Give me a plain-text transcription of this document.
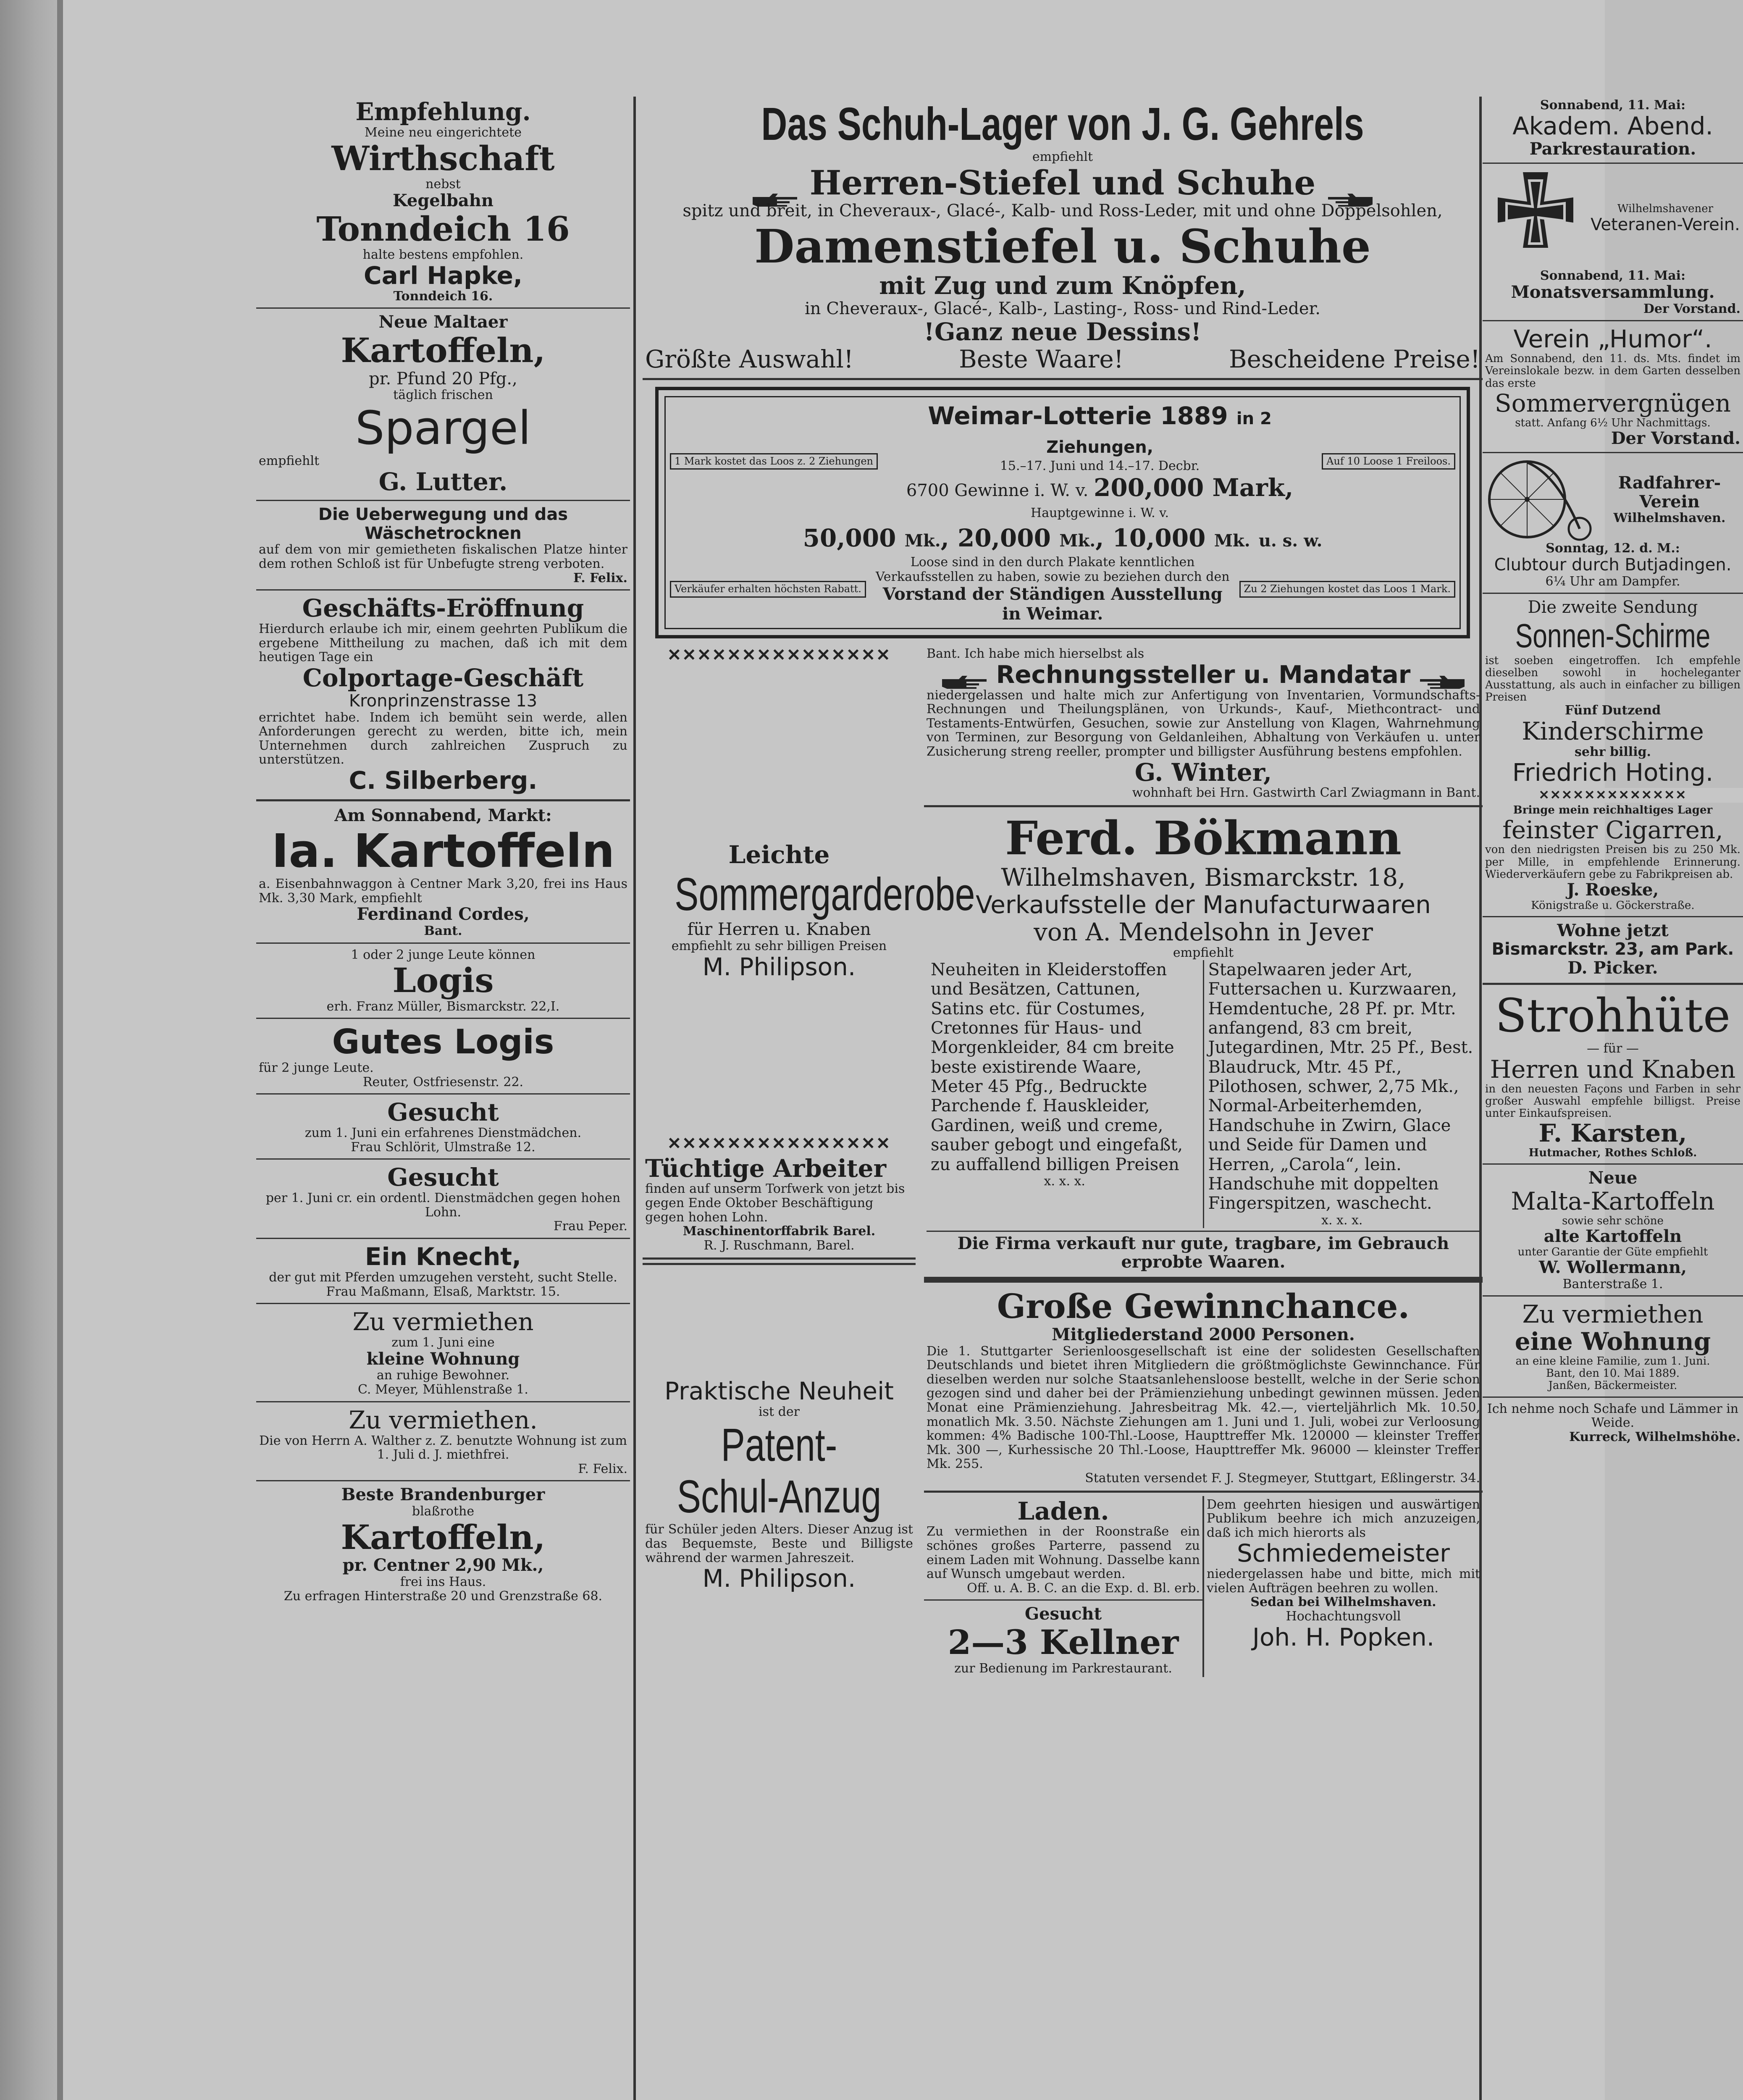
Empfehlung.

Meine neu eingerichtete

Wirthschaft

nebst

Kegelbahn

Tonndeich 16

halte bestens empfohlen.

Carl Hapke,

Tonndeich 16.

Neue Maltaer

Kartoffeln,

pr. Pfund 20 Pfg.,

täglich frischen

Spargel

empfiehlt

G. Lutter.

Die Ueberwegung und das Wäschetrocknen

auf dem von mir gemietheten fiskalischen Platze hinter dem rothen Schloß ist für Unbefugte streng verboten.

F. Felix.

Geschäfts-Eröffnung

Hierdurch erlaube ich mir, einem geehrten Publikum die ergebene Mittheilung zu machen, daß ich mit dem heutigen Tage ein

Colportage-Geschäft

Kronprinzenstrasse 13

errichtet habe. Indem ich bemüht sein werde, allen Anforderungen gerecht zu werden, bitte ich, mein Unternehmen durch zahlreichen Zuspruch zu unterstützen.

C. Silberberg.

Am Sonnabend, Markt:

Ia. Kartoffeln

a. Eisenbahnwaggon à Centner Mark 3,20, frei ins Haus Mk. 3,30 Mark, empfiehlt

Ferdinand Cordes,

Bant.

1 oder 2 junge Leute können

Logis

erh. Franz Müller, Bismarckstr. 22,I.

Gutes Logis

für 2 junge Leute.

Reuter, Ostfriesenstr. 22.

Gesucht

zum 1. Juni ein erfahrenes Dienstmädchen.

Frau Schlörit, Ulmstraße 12.

Gesucht

per 1. Juni cr. ein ordentl. Dienstmädchen gegen hohen Lohn.

Frau Peper.

Ein Knecht,

der gut mit Pferden umzugehen versteht, sucht Stelle.

Frau Maßmann, Elsaß, Marktstr. 15.

Zu vermiethen

zum 1. Juni eine

kleine Wohnung

an ruhige Bewohner.

C. Meyer, Mühlenstraße 1.

Zu vermiethen.

Die von Herrn A. Walther z. Z. benutzte Wohnung ist zum 1. Juli d. J. miethfrei.

F. Felix.

Beste Brandenburger

blaßrothe

Kartoffeln,

pr. Centner 2,90 Mk.,

frei ins Haus.

Zu erfragen Hinterstraße 20 und Grenzstraße 68.

Das Schuh-Lager von J. G. Gehrels

empfiehlt

Herren-Stiefel und Schuhe

spitz und breit, in Cheveraux-, Glacé-, Kalb- und Ross-Leder, mit und ohne Doppelsohlen,

Damenstiefel u. Schuhe

mit Zug und zum Knöpfen,

in Cheveraux-, Glacé-, Kalb-, Lasting-, Ross- und Rind-Leder.

!Ganz neue Dessins!

Größte Auswahl!	Beste Waare!	Bescheidene Preise!

1 Mark kostet das Loos z. 2 Ziehungen

Weimar-Lotterie 1889 in 2 Ziehungen,

15.–17. Juni und 14.–17. Decbr.

6700 Gewinne i. W. v. 200,000 Mark, Hauptgewinne i. W. v.

Auf 10 Loose 1 Freiloos.

50,000 Mk., 20,000 Mk., 10,000 Mk. u. s. w.

Verkäufer erhalten höchsten Rabatt.

Loose sind in den durch Plakate kenntlichen Verkaufsstellen zu haben, sowie zu beziehen durch den

Vorstand der Ständigen Ausstellung in Weimar.

Zu 2 Ziehungen kostet das Loos 1 Mark.
✕✕✕✕✕✕✕✕✕✕✕✕✕✕✕

Leichte

Sommergarderobe

für Herren u. Knaben

empfiehlt zu sehr billigen Preisen

M. Philipson.

✕✕✕✕✕✕✕✕✕✕✕✕✕✕✕

Tüchtige Arbeiter

finden auf unserm Torfwerk von jetzt bis gegen Ende Oktober Beschäftigung gegen hohen Lohn.

Maschinentorffabrik Barel.

R. J. Ruschmann, Barel.

Praktische Neuheit

ist der

Patent-Schul-Anzug

für Schüler jeden Alters. Dieser Anzug ist das Bequemste, Beste und Billigste während der warmen Jahreszeit.

M. Philipson.

Bant. Ich habe mich hierselbst als

Rechnungssteller u. Mandatar

niedergelassen und halte mich zur Anfertigung von Inventarien, Vormundschafts-Rechnungen und Theilungsplänen, von Urkunds-, Kauf-, Miethcontract- und Testaments-Entwürfen, Gesuchen, sowie zur Anstellung von Klagen, Wahrnehmung von Terminen, zur Besorgung von Geldanleihen, Abhaltung von Verkäufen u. unter Zusicherung streng reeller, prompter und billigster Ausführung bestens empfohlen.

G. Winter,

wohnhaft bei Hrn. Gastwirth Carl Zwiagmann in Bant.

Ferd. Bökmann

Wilhelmshaven, Bismarckstr. 18,

Verkaufsstelle der Manufacturwaaren

von A. Mendelsohn in Jever

empfiehlt

Neuheiten in Kleiderstoffen und Besätzen, Cattunen, Satins etc. für Costumes, Cretonnes für Haus- und Morgenkleider, 84 cm breite beste existirende Waare, Meter 45 Pfg., Bedruckte Parchende f. Hauskleider, Gardinen, weiß und creme, sauber gebogt und eingefaßt, zu auffallend billigen Preisen

x. x. x.

Stapelwaaren jeder Art, Futtersachen u. Kurzwaaren, Hemdentuche, 28 Pf. pr. Mtr. anfangend, 83 cm breit, Jutegardinen, Mtr. 25 Pf., Best. Blaudruck, Mtr. 45 Pf., Pilothosen, schwer, 2,75 Mk., Normal-Arbeiterhemden, Handschuhe in Zwirn, Glace und Seide für Damen und Herren, „Carola“, lein. Handschuhe mit doppelten Fingerspitzen, waschecht.

x. x. x.

Die Firma verkauft nur gute, tragbare, im Gebrauch erprobte Waaren.

Große Gewinnchance.

Mitgliederstand 2000 Personen.

Die 1. Stuttgarter Serienloosgesellschaft ist eine der solidesten Gesellschaften Deutschlands und bietet ihren Mitgliedern die größtmöglichste Gewinnchance. Für dieselben werden nur solche Staatsanlehensloose bestellt, welche in der Serie schon gezogen sind und daher bei der Prämienziehung unbedingt gewinnen müssen. Jeden Monat eine Prämienziehung. Jahresbeitrag Mk. 42.—, vierteljährlich Mk. 10.50, monatlich Mk. 3.50. Nächste Ziehungen am 1. Juni und 1. Juli, wobei zur Verloosung kommen: 4% Badische 100-Thl.-Loose, Haupttreffer Mk. 120000 — kleinster Treffer Mk. 300 —, Kurhessische 20 Thl.-Loose, Haupttreffer Mk. 96000 — kleinster Treffer Mk. 255.

Statuten versendet F. J. Stegmeyer, Stuttgart, Eßlingerstr. 34.

Laden.

Zu vermiethen in der Roonstraße ein schönes großes Parterre, passend zu einem Laden mit Wohnung. Dasselbe kann auf Wunsch umgebaut werden.

Off. u. A. B. C. an die Exp. d. Bl. erb.

Gesucht

2—3 Kellner

zur Bedienung im Parkrestaurant.

Dem geehrten hiesigen und auswärtigen Publikum beehre ich mich anzuzeigen, daß ich mich hierorts als

Schmiedemeister

niedergelassen habe und bitte, mich mit vielen Aufträgen beehren zu wollen.

Sedan bei Wilhelmshaven.

Hochachtungsvoll

Joh. H. Popken.

Sonnabend, 11. Mai:

Akadem. Abend.

Parkrestauration.

Wilhelmshavener

Veteranen-Verein.

Sonnabend, 11. Mai:

Monatsversammlung.

Der Vorstand.

Verein „Humor“.

Am Sonnabend, den 11. ds. Mts. findet im Vereinslokale bezw. in dem Garten desselben das erste

Sommervergnügen

statt. Anfang 6½ Uhr Nachmittags.

Der Vorstand.

Radfahrer-Verein

Wilhelmshaven.

Sonntag, 12. d. M.:

Clubtour durch Butjadingen.

6¼ Uhr am Dampfer.

Die zweite Sendung

Sonnen-Schirme

ist soeben eingetroffen. Ich empfehle dieselben sowohl in hocheleganter Ausstattung, als auch in einfacher zu billigen Preisen

Fünf Dutzend

Kinderschirme

sehr billig.

Friedrich Hoting.

✕✕✕✕✕✕✕✕✕✕✕✕✕

Bringe mein reichhaltiges Lager

feinster Cigarren,

von den niedrigsten Preisen bis zu 250 Mk. per Mille, in empfehlende Erinnerung. Wiederverkäufern gebe zu Fabrikpreisen ab.

J. Roeske,

Königstraße u. Göckerstraße.

Wohne jetzt

Bismarckstr. 23, am Park.

D. Picker.

Strohhüte

— für —

Herren und Knaben

in den neuesten Façons und Farben in sehr großer Auswahl empfehle billigst. Preise unter Einkaufspreisen.

F. Karsten,

Hutmacher, Rothes Schloß.

Neue

Malta-Kartoffeln

sowie sehr schöne

alte Kartoffeln

unter Garantie der Güte empfiehlt

W. Wollermann,

Banterstraße 1.

Zu vermiethen

eine Wohnung

an eine kleine Familie, zum 1. Juni.

Bant, den 10. Mai 1889.

Janßen, Bäckermeister.

Ich nehme noch Schafe und Lämmer in Weide.

Kurreck, Wilhelmshöhe.
